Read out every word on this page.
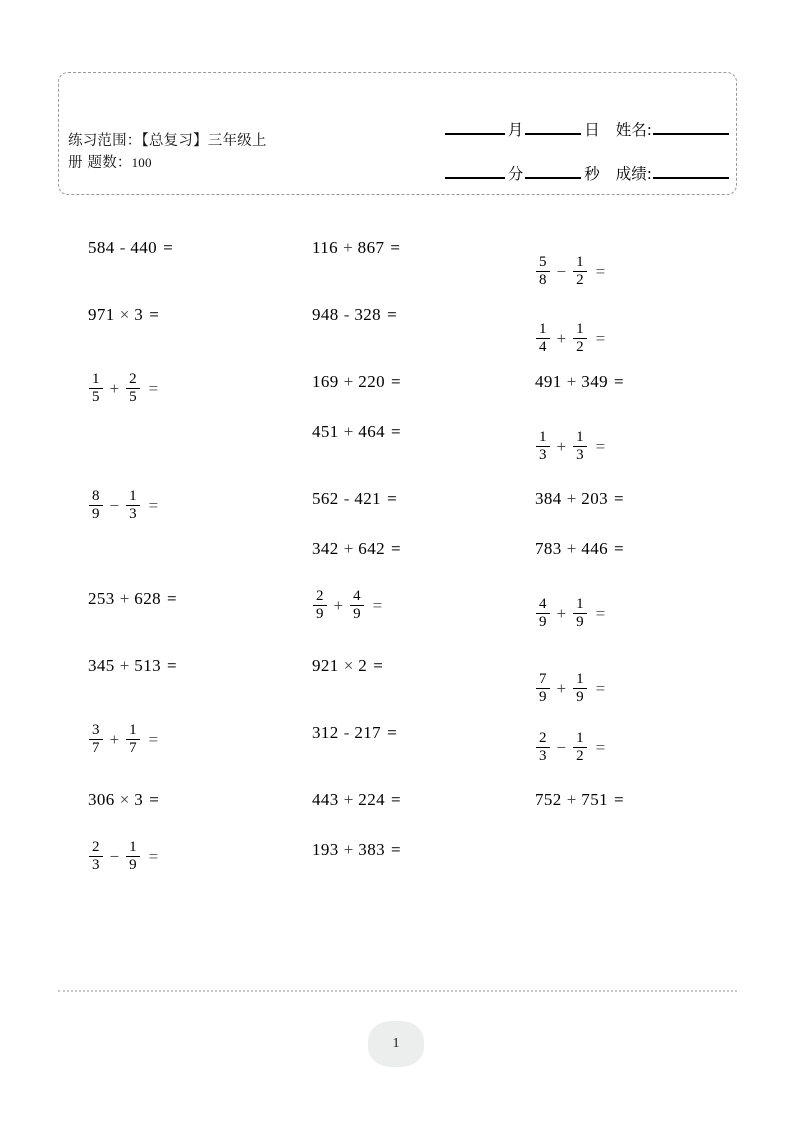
练习范围：【总复习】三年级上
册 题数：100
月	日	姓名:
分	秒	成绩:
584 - 440 =
971 × 3 =
$\frac{1}{5} + \frac{2}{5}$ =
$\frac{8}{9} - \frac{1}{3}$ =
253 + 628 =
345 + 513 =
$\frac{3}{7} + \frac{1}{7}$ =
306 × 3 =
$\frac{2}{3} - \frac{1}{9}$ =
116 + 867 =
948 - 328 =
169 + 220 =
451 + 464 =
562 - 421 =
342 + 642 =
$\frac{2}{9} + \frac{4}{9}$ =
921 × 2 =
312 - 217 =
443 + 224 =
193 + 383 =
$\frac{5}{8} - \frac{1}{2}$ =
$\frac{1}{4} + \frac{1}{2}$ =
491 + 349 =
$\frac{1}{3} + \frac{1}{3}$ =
384 + 203 =
783 + 446 =
$\frac{4}{9} + \frac{1}{9}$ =
$\frac{7}{9} + \frac{1}{9}$ =
$\frac{2}{3} - \frac{1}{2}$ =
752 + 751 =
1
